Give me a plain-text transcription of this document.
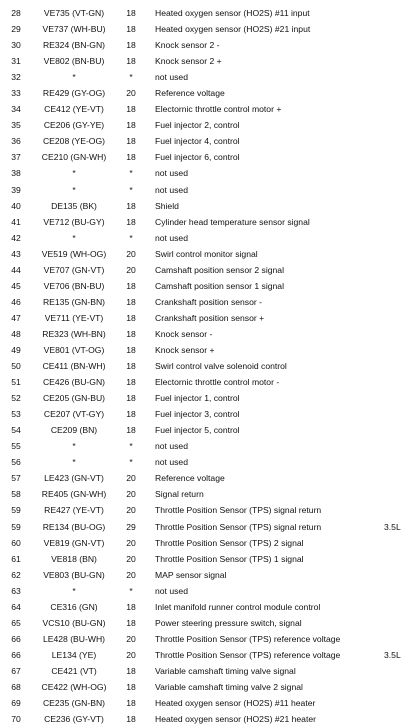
28	VE735 (VT-GN)	18	Heated oxygen sensor (HO2S) #11 input
29	VE737 (WH-BU)	18	Heated oxygen sensor (HO2S) #21 input
30	RE324 (BN-GN)	18	Knock sensor 2 -
31	VE802 (BN-BU)	18	Knock sensor 2 +
32	*	*	not used
33	RE429 (GY-OG)	20	Reference voltage
34	CE412 (YE-VT)	18	Electornic throttle control motor +
35	CE206 (GY-YE)	18	Fuel injector 2, control
36	CE208 (YE-OG)	18	Fuel injector 4, control
37	CE210 (GN-WH)	18	Fuel injector 6, control
38	*	*	not used
39	*	*	not used
40	DE135 (BK)	18	Shield
41	VE712 (BU-GY)	18	Cylinder head temperature sensor signal
42	*	*	not used
43	VE519 (WH-OG)	20	Swirl control monitor signal
44	VE707 (GN-VT)	20	Camshaft position sensor 2 signal
45	VE706 (BN-BU)	18	Camshaft position sensor 1 signal
46	RE135 (GN-BN)	18	Crankshaft position sensor -
47	VE711 (YE-VT)	18	Crankshaft position sensor +
48	RE323 (WH-BN)	18	Knock sensor -
49	VE801 (VT-OG)	18	Knock sensor +
50	CE411 (BN-WH)	18	Swirl control valve solenoid control
51	CE426 (BU-GN)	18	Electornic throttle control motor -
52	CE205 (GN-BU)	18	Fuel injector 1, control
53	CE207 (VT-GY)	18	Fuel injector 3, control
54	CE209 (BN)	18	Fuel injector 5, control
55	*	*	not used
56	*	*	not used
57	LE423 (GN-VT)	20	Reference voltage
58	RE405 (GN-WH)	20	Signal return
59	RE427 (YE-VT)	20	Throttle Position Sensor (TPS) signal return
59	RE134 (BU-OG)	29	Throttle Position Sensor (TPS) signal return	3.5L
60	VE819 (GN-VT)	20	Throttle Position Sensor (TPS) 2 signal
61	VE818 (BN)	20	Throttle Position Sensor (TPS) 1 signal
62	VE803 (BU-GN)	20	MAP sensor signal
63	*	*	not used
64	CE316 (GN)	18	Inlet manifold runner control module control
65	VCS10 (BU-GN)	18	Power steering pressure switch, signal
66	LE428 (BU-WH)	20	Throttle Position Sensor (TPS) reference voltage
66	LE134 (YE)	20	Throttle Position Sensor (TPS) reference voltage	3.5L
67	CE421 (VT)	18	Variable camshaft timing valve signal
68	CE422 (WH-OG)	18	Variable camshaft timing valve 2 signal
69	CE235 (GN-BN)	18	Heated oxygen sensor (HO2S) #11 heater
70	CE236 (GY-VT)	18	Heated oxygen sensor (HO2S) #21 heater
